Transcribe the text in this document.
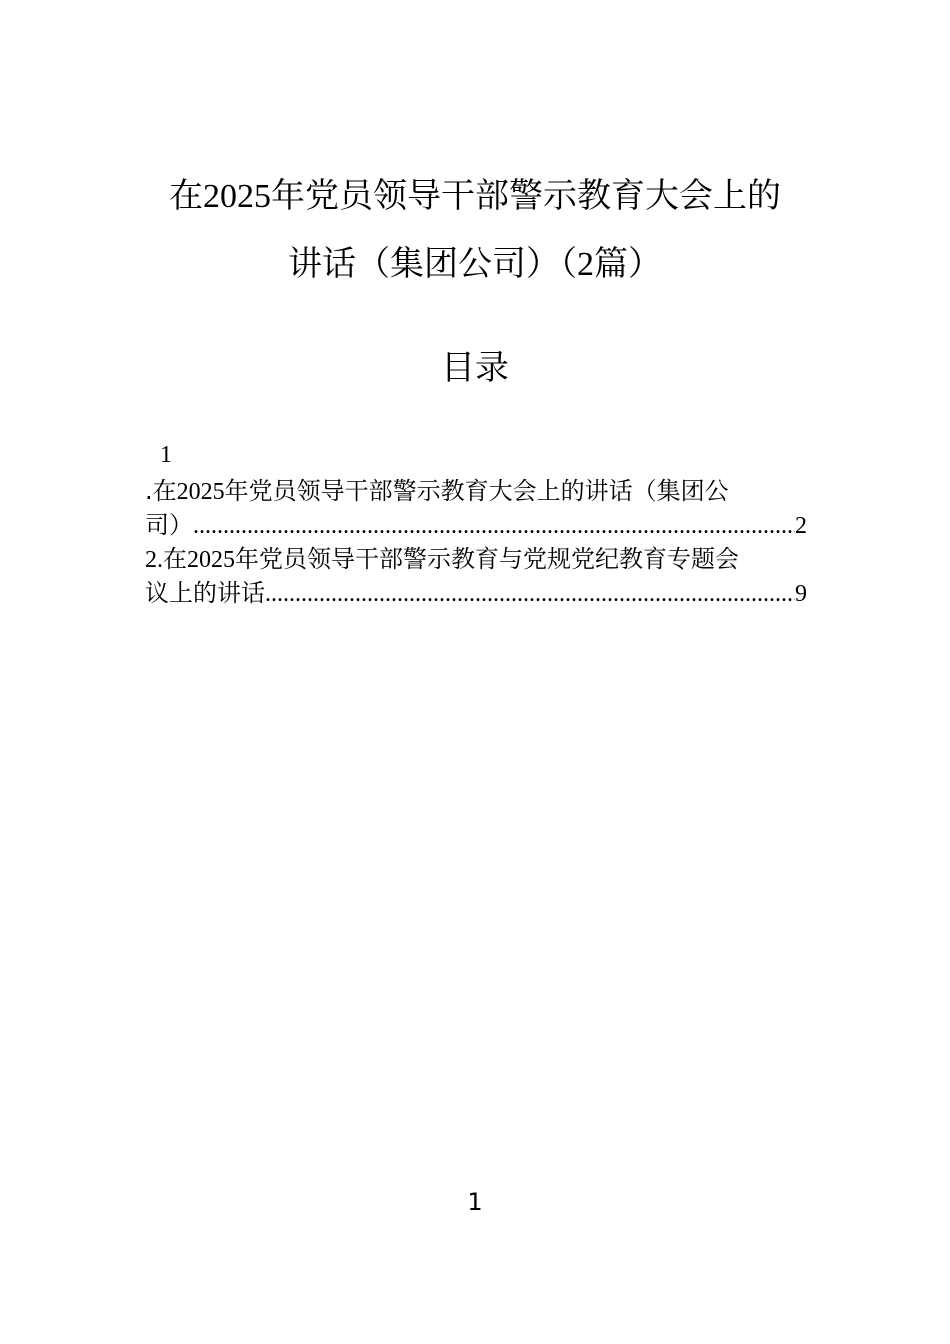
在2025年党员领导干部警示教育大会上的
讲话（集团公司）（2篇）
目录
1
.在2025年党员领导干部警示教育大会上的讲话（集团公
司） .....	2
2.在2025年党员领导干部警示教育与党规党纪教育专题会
议上的讲话 .....	9
1
